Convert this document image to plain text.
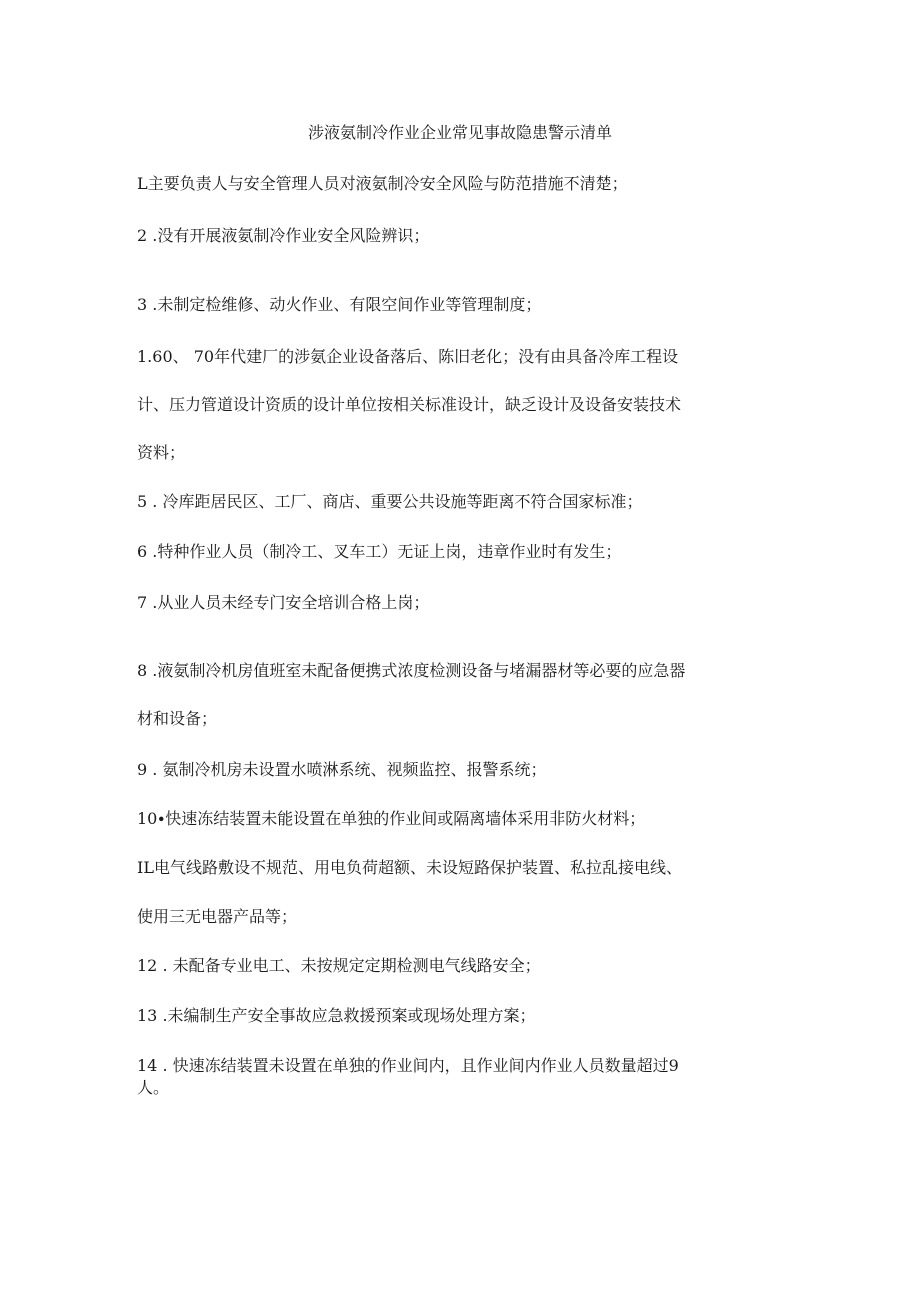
涉液氨制冷作业企业常见事故隐患警示清单
L主要负责人与安全管理人员对液氨制冷安全风险与防范措施不清楚；
2 .没有开展液氨制冷作业安全风险辨识；
3 .未制定检维修、动火作业、有限空间作业等管理制度；
1.60、 70年代建厂的涉氨企业设备落后、陈旧老化；没有由具备冷库工程设
计、压力管道设计资质的设计单位按相关标准设计，缺乏设计及设备安装技术
资料；
5 . 冷库距居民区、工厂、商店、重要公共设施等距离不符合国家标准；
6 .特种作业人员（制冷工、叉车工）无证上岗，违章作业时有发生；
7 .从业人员未经专门安全培训合格上岗；
8 .液氨制冷机房值班室未配备便携式浓度检测设备与堵漏器材等必要的应急器
材和设备；
9 . 氨制冷机房未设置水喷淋系统、视频监控、报警系统；
10∙快速冻结装置未能设置在单独的作业间或隔离墙体采用非防火材料；
IL电气线路敷设不规范、用电负荷超额、未设短路保护装置、私拉乱接电线、
使用三无电器产品等；
12 . 未配备专业电工、未按规定定期检测电气线路安全；
13 .未编制生产安全事故应急救援预案或现场处理方案；
14 . 快速冻结装置未设置在单独的作业间内，且作业间内作业人员数量超过9
人。
